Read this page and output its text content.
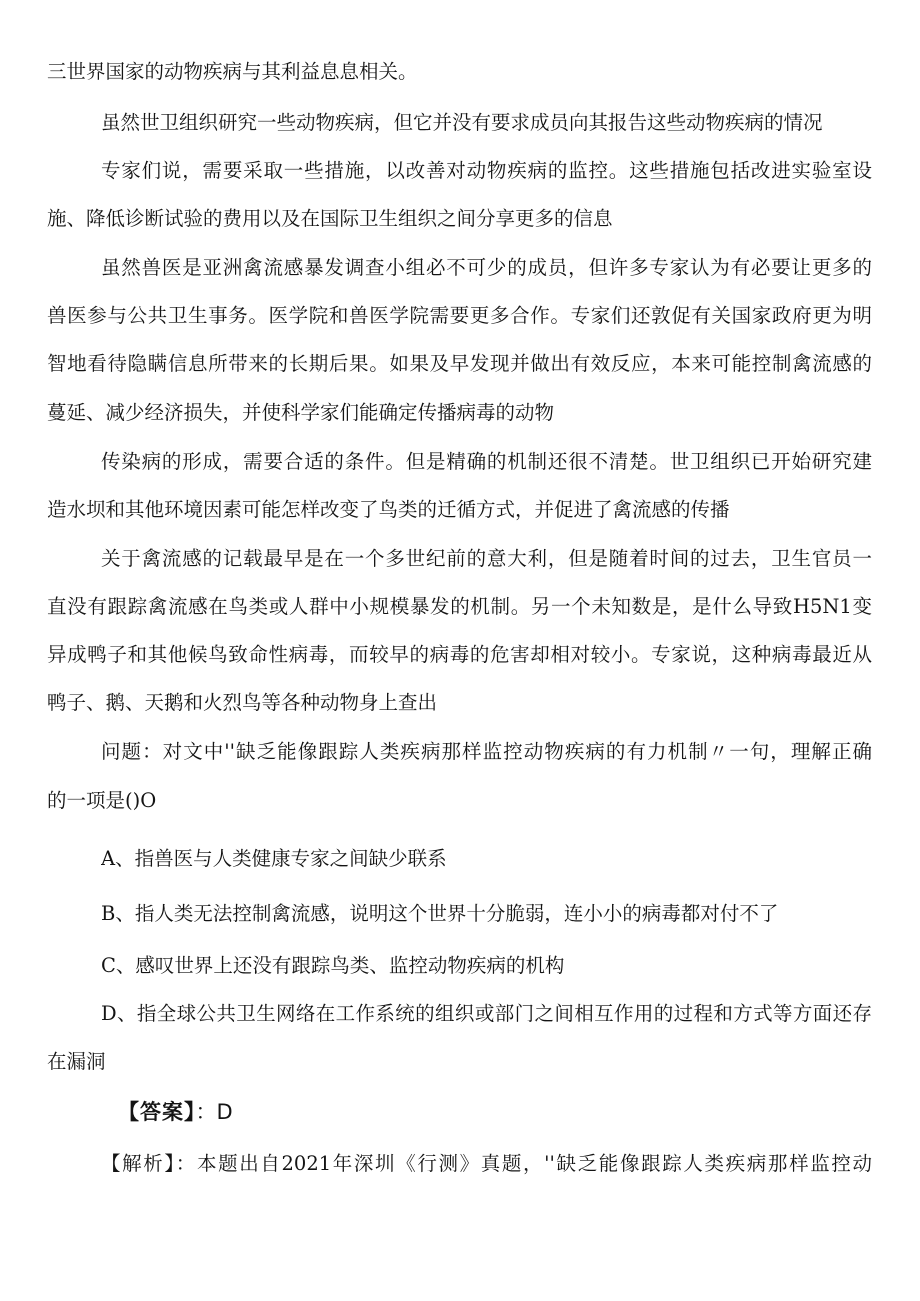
三世界国家的动物疾病与其利益息息相关。
虽然世卫组织研究一些动物疾病，但它并没有要求成员向其报告这些动物疾病的情况
专家们说，需要采取一些措施，以改善对动物疾病的监控。这些措施包括改进实验室设
施、降低诊断试验的费用以及在国际卫生组织之间分享更多的信息
虽然兽医是亚洲禽流感暴发调查小组必不可少的成员，但许多专家认为有必要让更多的
兽医参与公共卫生事务。医学院和兽医学院需要更多合作。专家们还敦促有关国家政府更为明
智地看待隐瞒信息所带来的长期后果。如果及早发现并做出有效反应，本来可能控制禽流感的
蔓延、减少经济损失，并使科学家们能确定传播病毒的动物
传染病的形成，需要合适的条件。但是精确的机制还很不清楚。世卫组织已开始研究建
造水坝和其他环境因素可能怎样改变了鸟类的迁循方式，并促进了禽流感的传播
关于禽流感的记载最早是在一个多世纪前的意大利，但是随着时间的过去，卫生官员一
直没有跟踪禽流感在鸟类或人群中小规模暴发的机制。另一个未知数是，是什么导致H5N1变
异成鸭子和其他候鸟致命性病毒，而较早的病毒的危害却相对较小。专家说，这种病毒最近从
鸭子、鹅、天鹅和火烈鸟等各种动物身上查出
问题：对文中''缺乏能像跟踪人类疾病那样监控动物疾病的有力机制〃一句，理解正确
的一项是()O
A、指兽医与人类健康专家之间缺少联系
B、指人类无法控制禽流感，说明这个世界十分脆弱，连小小的病毒都对付不了
C、感叹世界上还没有跟踪鸟类、监控动物疾病的机构
D、指全球公共卫生网络在工作系统的组织或部门之间相互作用的过程和方式等方面还存
在漏洞
【答案】：D
【解析】：本题出自2021年深圳《行测》真题，''缺乏能像跟踪人类疾病那样监控动
